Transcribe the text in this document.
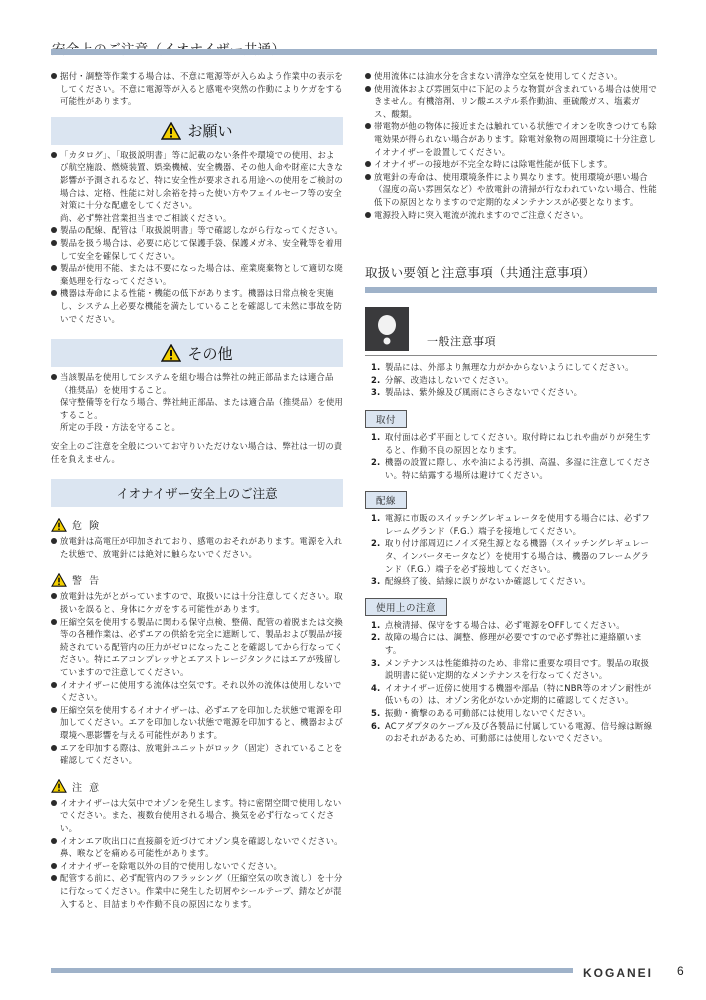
据付・調整等作業する場合は、不意に電源等が入らぬよう作業中の表示をしてください。不意に電源等が入ると感電や突然の作動によりケガをする可能性があります。
お願い
「カタログ」、「取扱説明書」等に記載のない条件や環境での使用、および航空施設、燃焼装置、娯楽機械、安全機器、その他人命や財産に大きな影響が予測されるなど、特に安全性が要求される用途への使用をご検討の場合は、定格、性能に対し余裕を持った使い方やフェイルセーフ等の安全対策に十分な配慮をしてください。
尚、必ず弊社営業担当までご相談ください。
製品の配線、配管は「取扱説明書」等で確認しながら行なってください。
製品を扱う場合は、必要に応じて保護手袋、保護メガネ、安全靴等を着用して安全を確保してください。
製品が使用不能、または不要になった場合は、産業廃棄物として適切な廃棄処理を行なってください。
機器は寿命による性能・機能の低下があります。機器は日常点検を実施し、システム上必要な機能を満たしていることを確認して未然に事故を防いでください。
その他
当該製品を使用してシステムを組む場合は弊社の純正部品または適合品（推奨品）を使用すること。
保守整備等を行なう場合、弊社純正部品、または適合品（推奨品）を使用すること。
所定の手段・方法を守ること。
安全上のご注意を全般についてお守りいただけない場合は、弊社は一切の責任を負えません。
イオナイザー安全上のご注意
危 険
放電針は高電圧が印加されており、感電のおそれがあります。電源を入れた状態で、放電針には絶対に触らないでください。
警 告
放電針は先がとがっていますので、取扱いには十分注意してください。取扱いを誤ると、身体にケガをする可能性があります。
圧縮空気を使用する製品に関わる保守点検、整備、配管の着脱または交換等の各種作業は、必ずエアの供給を完全に遮断して、製品および製品が接続されている配管内の圧力がゼロになったことを確認してから行なってください。特にエアコンプレッサとエアストレージタンクにはエアが残留していますので注意してください。
イオナイザーに使用する流体は空気です。それ以外の流体は使用しないでください。
圧縮空気を使用するイオナイザーは、必ずエアを印加した状態で電源を印加してください。エアを印加しない状態で電源を印加すると、機器および環境へ悪影響を与える可能性があります。
エアを印加する際は、放電針ユニットがロック（固定）されていることを確認してください。
注 意
イオナイザーは大気中でオゾンを発生します。特に密閉空間で使用しないでください。また、複数台使用される場合、換気を必ず行なってください。
イオンエア吹出口に直接顔を近づけてオゾン臭を確認しないでください。鼻、喉などを痛める可能性があります。
イオナイザーを除電以外の目的で使用しないでください。
配管する前に、必ず配管内のフラッシング（圧縮空気の吹き流し）を十分に行なってください。作業中に発生した切屑やシールテープ、錆などが混入すると、目詰まりや作動不良の原因になります。
使用流体には油水分を含まない清浄な空気を使用してください。
使用流体および雰囲気中に下記のような物質が含まれている場合は使用できません。有機溶剤、リン酸エステル系作動油、亜硫酸ガス、塩素ガス、酸類。
帯電物が他の物体に接近または触れている状態でイオンを吹きつけても除電効果が得られない場合があります。除電対象物の周囲環境に十分注意しイオナイザーを設置してください。
イオナイザーの接地が不完全な時には除電性能が低下します。
放電針の寿命は、使用環境条件により異なります。使用環境が悪い場合（湿度の高い雰囲気など）や放電針の清掃が行なわれていない場合、性能低下の原因となりますので定期的なメンテナンスが必要となります。
電源投入時に突入電流が流れますのでご注意ください。
取扱い要領と注意事項（共通注意事項）
一般注意事項
1. 製品には、外部より無理な力がかからないようにしてください。
2. 分解、改造はしないでください。
3. 製品は、紫外線及び風雨にさらさないでください。
取付
1. 取付面は必ず平面としてください。取付時にねじれや曲がりが発生すると、作動不良の原因となります。
2. 機器の設置に際し、水や油による汚損、高温、多湿に注意してください。特に結露する場所は避けてください。
配線
1. 電源に市販のスイッチングレギュレータを使用する場合には、必ずフレームグランド（F.G.）端子を接地してください。
2. 取り付け部周辺にノイズ発生源となる機器（スイッチングレギュレータ、インバータモータなど）を使用する場合は、機器のフレームグランド（F.G.）端子を必ず接地してください。
3. 配線終了後、結線に誤りがないか確認してください。
使用上の注意
1. 点検清掃、保守をする場合は、必ず電源をOFFしてください。
2. 故障の場合には、調整、修理が必要ですので必ず弊社に連絡願います。
3. メンテナンスは性能維持のため、非常に重要な項目です。製品の取扱説明書に従い定期的なメンテナンスを行なってください。
4. イオナイザー近傍に使用する機器や部品（特にNBR等のオゾン耐性が低いもの）は、オゾン劣化がないか定期的に確認してください。
5. 振動・衝撃のある可動部には使用しないでください。
6. ACアダプタのケーブル及び各製品に付属している電源、信号線は断線のおそれがあるため、可動部には使用しないでください。
KOGANEI 6
